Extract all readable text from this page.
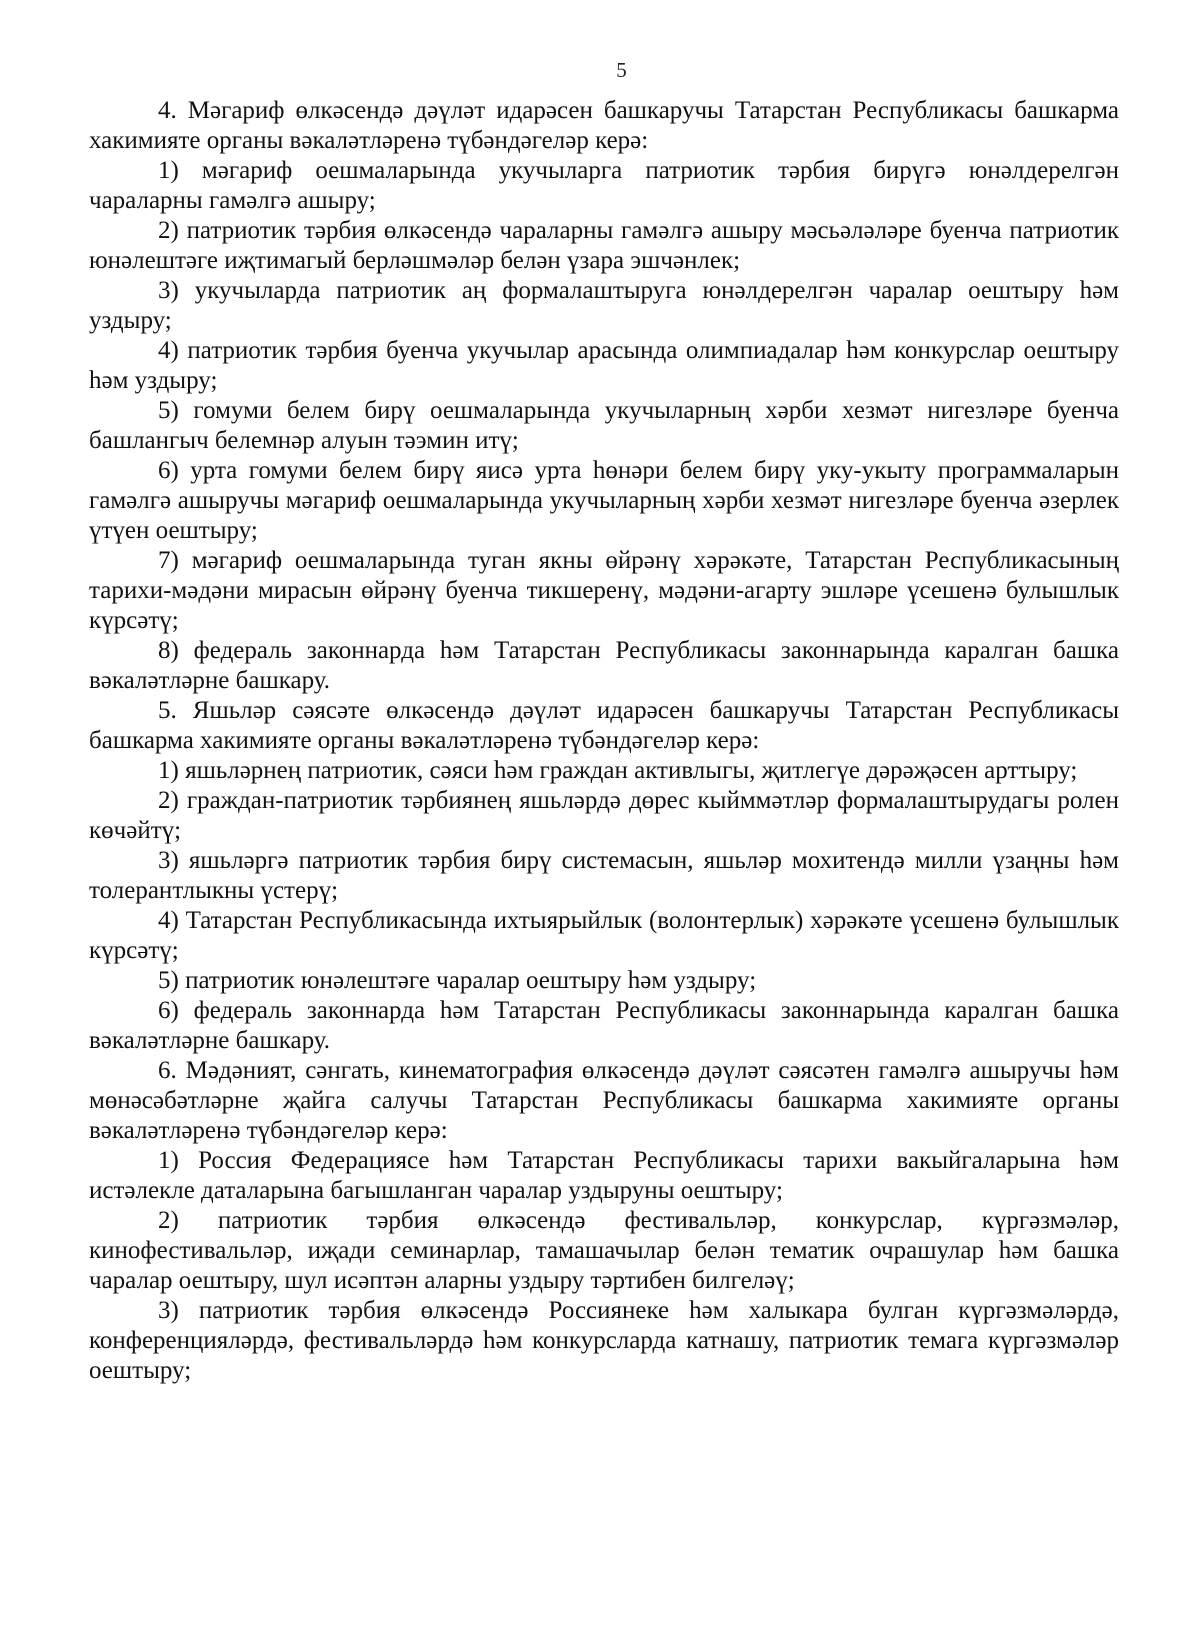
5

4. Мәгариф өлкәсендә дәүләт идарәсен башкаручы Татарстан Республикасы башкарма хакимияте органы вәкаләтләренә түбәндәгеләр керә:

1) мәгариф оешмаларында укучыларга патриотик тәрбия бирүгә юнәлдерелгән чараларны гамәлгә ашыру;

2) патриотик тәрбия өлкәсендә чараларны гамәлгә ашыру мәсьәләләре буенча патриотик юнәлештәге иҗтимагый берләшмәләр белән үзара эшчәнлек;

3) укучыларда патриотик аң формалаштыруга юнәлдерелгән чаралар оештыру һәм уздыру;

4) патриотик тәрбия буенча укучылар арасында олимпиадалар һәм конкурслар оештыру һәм уздыру;

5) гомуми белем бирү оешмаларында укучыларның хәрби хезмәт нигезләре буенча башлангыч белемнәр алуын тәэмин итү;

6) урта гомуми белем бирү яисә урта һөнәри белем бирү уку-укыту программаларын гамәлгә ашыручы мәгариф оешмаларында укучыларның хәрби хезмәт нигезләре буенча әзерлек үтүен оештыру;

7) мәгариф оешмаларында туган якны өйрәнү хәрәкәте, Татарстан Республикасының тарихи-мәдәни мирасын өйрәнү буенча тикшеренү, мәдәни-агарту эшләре үсешенә булышлык күрсәтү;

8) федераль законнарда һәм Татарстан Республикасы законнарында каралган башка вәкаләтләрне башкару.

5. Яшьләр сәясәте өлкәсендә дәүләт идарәсен башкаручы Татарстан Республикасы башкарма хакимияте органы вәкаләтләренә түбәндәгеләр керә:

1) яшьләрнең патриотик, сәяси һәм граждан активлыгы, җитлегүе дәрәҗәсен арттыру;

2) граждан-патриотик тәрбиянең яшьләрдә дөрес кыйммәтләр формалаштырудагы ролен көчәйтү;

3) яшьләргә патриотик тәрбия бирү системасын, яшьләр мохитендә милли үзаңны һәм толерантлыкны үстерү;

4) Татарстан Республикасында ихтыярыйлык (волонтерлык) хәрәкәте үсешенә булышлык күрсәтү;

5) патриотик юнәлештәге чаралар оештыру һәм уздыру;

6) федераль законнарда һәм Татарстан Республикасы законнарында каралган башка вәкаләтләрне башкару.

6. Мәдәният, сәнгать, кинематография өлкәсендә дәүләт сәясәтен гамәлгә ашыручы һәм мөнәсәбәтләрне җайга салучы Татарстан Республикасы башкарма хакимияте органы вәкаләтләренә түбәндәгеләр керә:

1) Россия Федерациясе һәм Татарстан Республикасы тарихи вакыйгаларына һәм истәлекле даталарына багышланган чаралар уздыруны оештыру;

2) патриотик тәрбия өлкәсендә фестивальләр, конкурслар, күргәзмәләр, кинофестивальләр, иҗади семинарлар, тамашачылар белән тематик очрашулар һәм башка чаралар оештыру, шул исәптән аларны уздыру тәртибен билгеләү;

3) патриотик тәрбия өлкәсендә Россиянеке һәм халыкара булган күргәзмәләрдә, конференцияләрдә, фестивальләрдә һәм конкурсларда катнашу, патриотик темага күргәзмәләр оештыру;
